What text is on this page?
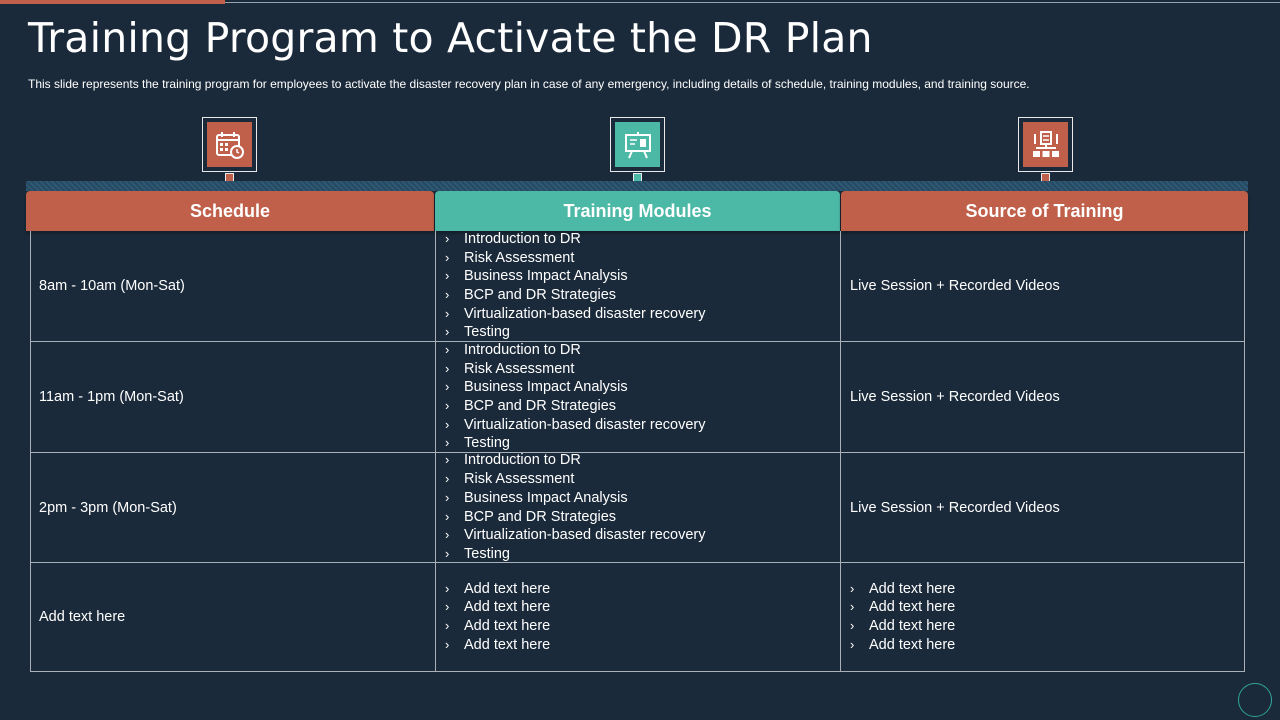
Training Program to Activate the DR Plan

This slide represents the training program for employees to activate the disaster recovery plan in case of any emergency, including details of schedule, training modules, and training source.

Schedule	Training Modules	Source of Training
8am - 10am (Mon-Sat)
› Introduction to DR
› Risk Assessment
› Business Impact Analysis
› BCP and DR Strategies
› Virtualization-based disaster recovery
› Testing
Live Session + Recorded Videos
11am - 1pm (Mon-Sat)
› Introduction to DR
› Risk Assessment
› Business Impact Analysis
› BCP and DR Strategies
› Virtualization-based disaster recovery
› Testing
Live Session + Recorded Videos
2pm - 3pm (Mon-Sat)
› Introduction to DR
› Risk Assessment
› Business Impact Analysis
› BCP and DR Strategies
› Virtualization-based disaster recovery
› Testing
Live Session + Recorded Videos
Add text here
› Add text here
› Add text here
› Add text here
› Add text here
› Add text here
› Add text here
› Add text here
› Add text here
